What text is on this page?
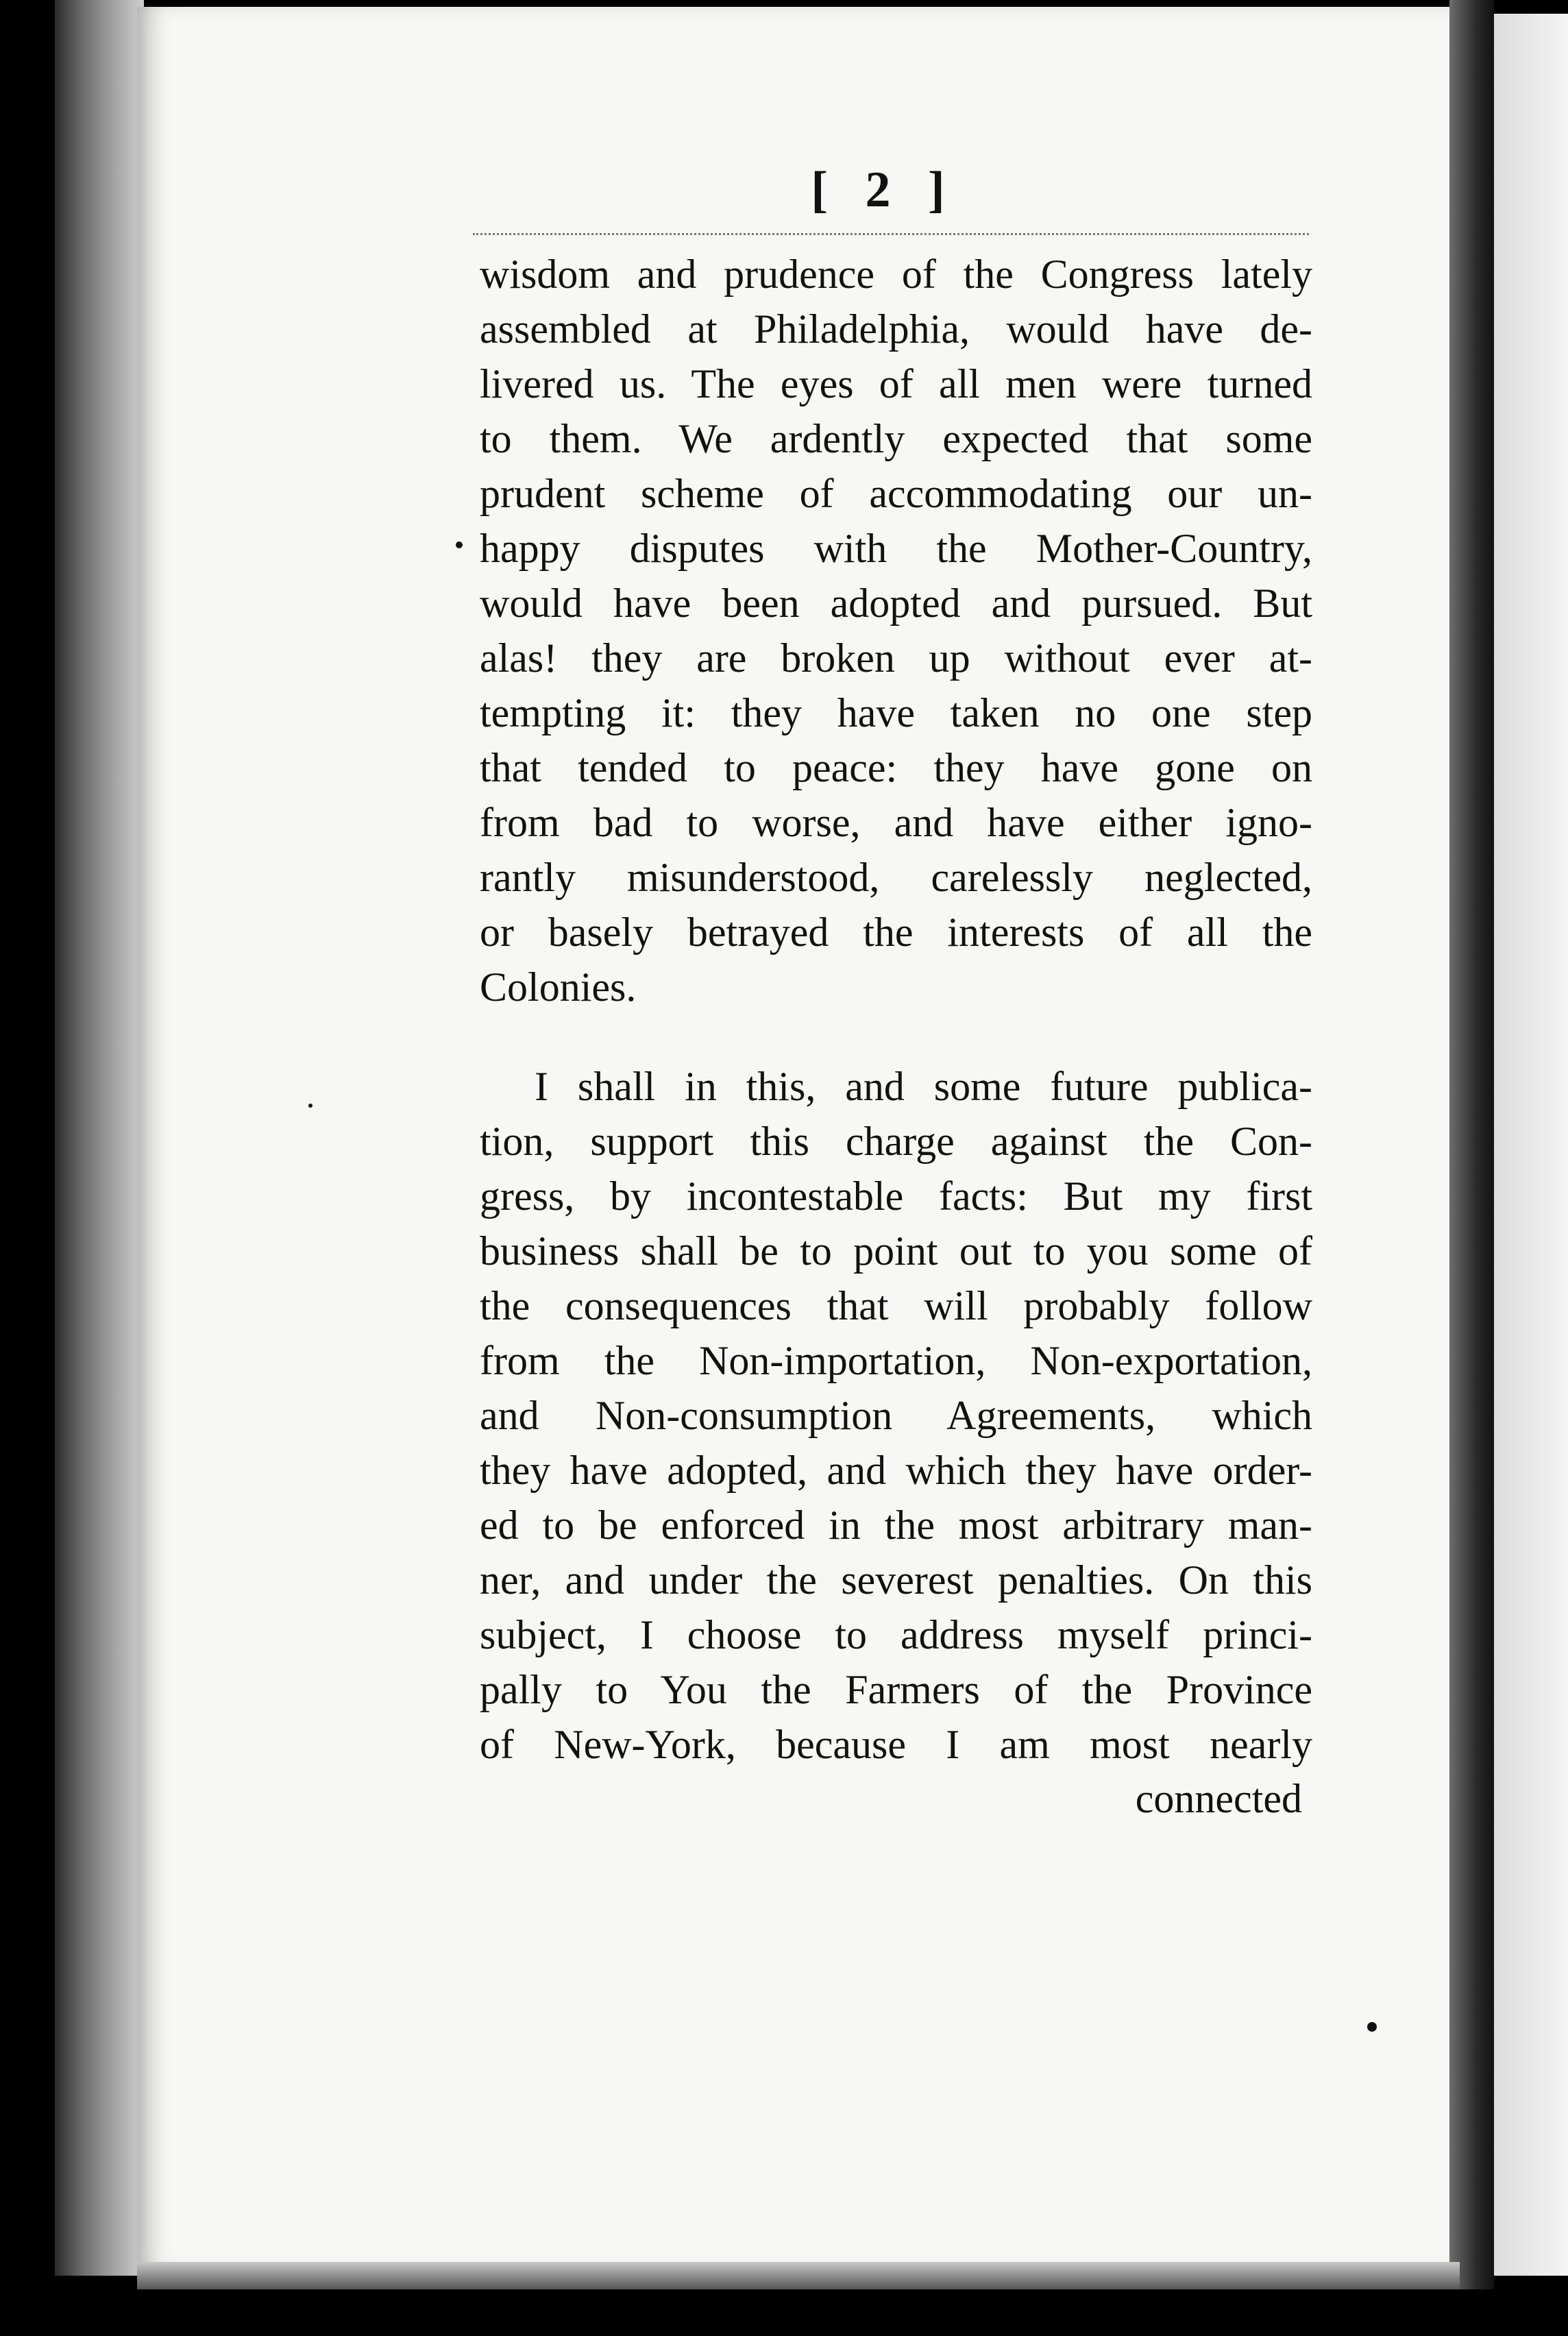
[ 2 ]
wisdom and prudence of the Congress lately
assembled at Philadelphia, would have de-
livered us. The eyes of all men were turned
to them. We ardently expected that some
prudent scheme of accommodating our un-
happy disputes with the Mother-Country,
would have been adopted and pursued. But
alas! they are broken up without ever at-
tempting it: they have taken no one step
that tended to peace: they have gone on
from bad to worse, and have either igno-
rantly misunderstood, carelessly neglected,
or basely betrayed the interests of all the
Colonies.
I shall in this, and some future publica-
tion, support this charge against the Con-
gress, by incontestable facts: But my first
business shall be to point out to you some of
the consequences that will probably follow
from the Non-importation, Non-exportation,
and Non-consumption Agreements, which
they have adopted, and which they have order-
ed to be enforced in the most arbitrary man-
ner, and under the severest penalties. On this
subject, I choose to address myself princi-
pally to You the Farmers of the Province
of New-York, because I am most nearly
connected
